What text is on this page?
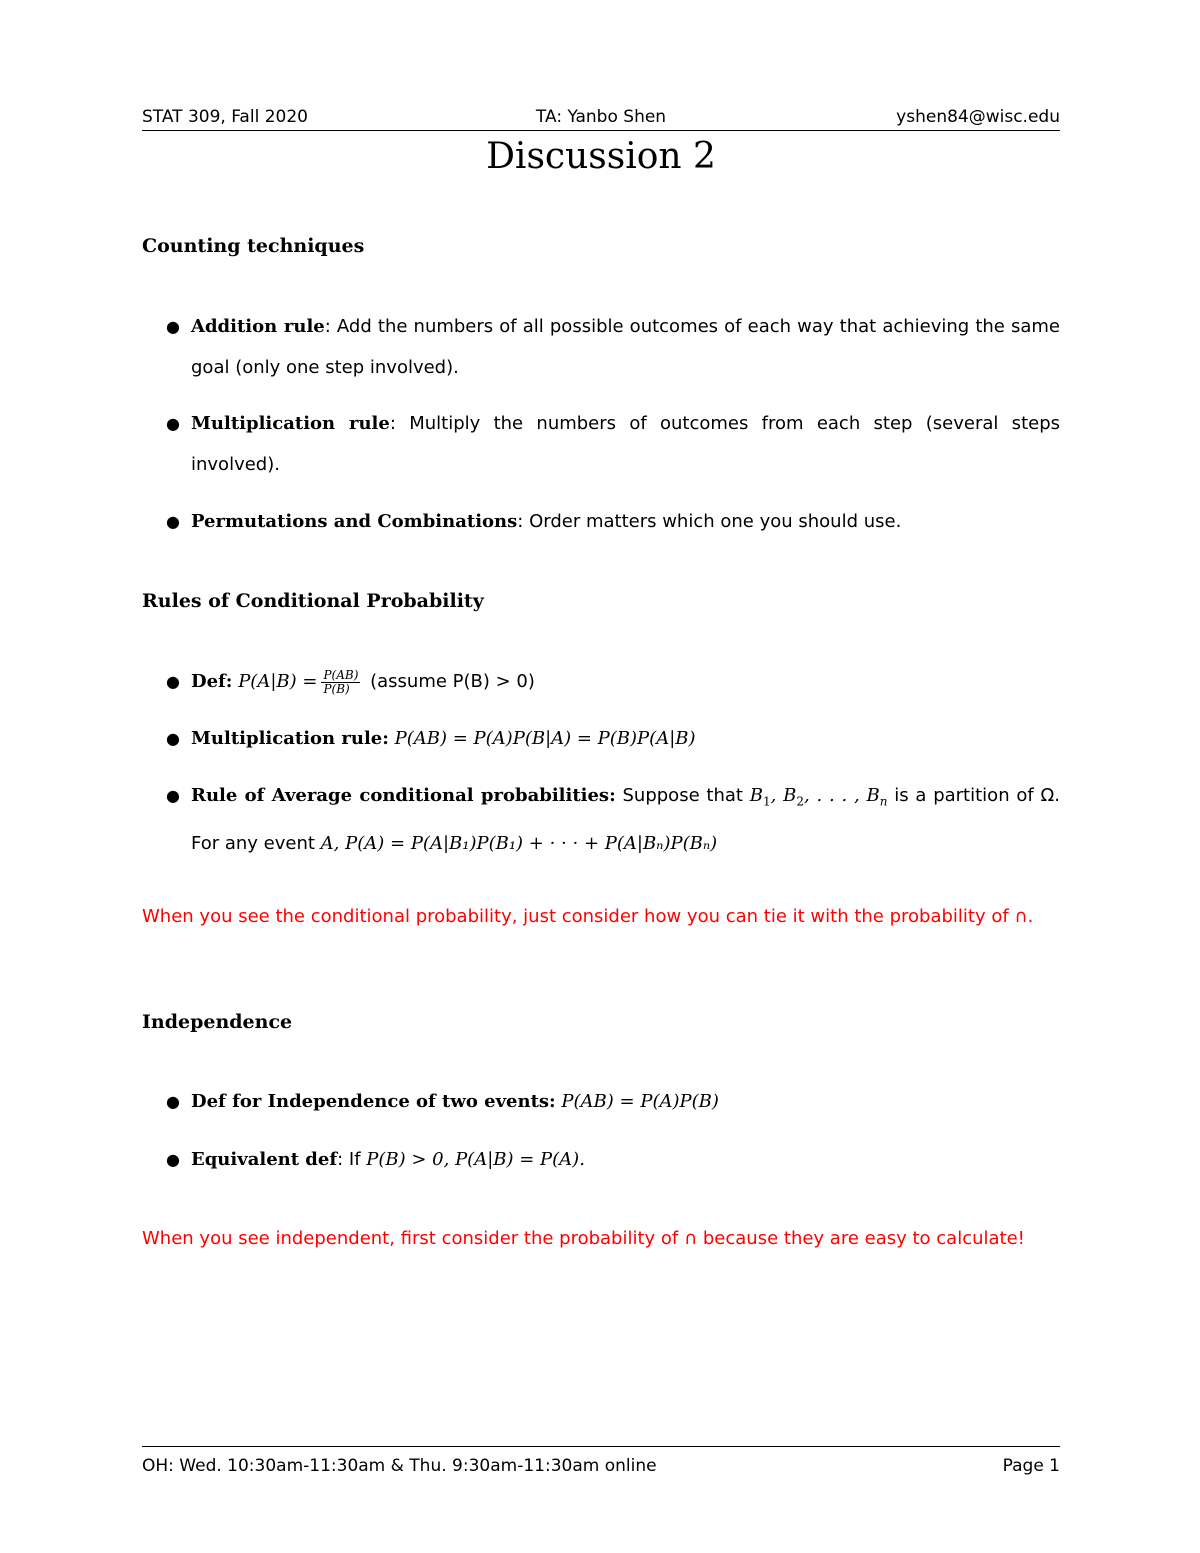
STAT 309, Fall 2020	TA: Yanbo Shen	yshen84@wisc.edu
Discussion 2
Counting techniques
● Addition rule: Add the numbers of all possible outcomes of each way that achieving the same goal (only one step involved).
● Multiplication rule: Multiply the numbers of outcomes from each step (several steps involved).
● Permutations and Combinations: Order matters which one you should use.
Rules of Conditional Probability
● Def: $P(A|B) = \frac{P(AB)}{P(B)}$ (assume P(B) > 0)
● Multiplication rule: P(AB) = P(A)P(B|A) = P(B)P(A|B)
● Rule of Average conditional probabilities: Suppose that $B_1$, $B_2$, . . . , $B_n$ is a partition of Ω. For any event A, P(A) = P(A|B₁)P(B₁) + · · · + P(A|Bₙ)P(Bₙ)
When you see the conditional probability, just consider how you can tie it with the probability of ∩.
Independence
● Def for Independence of two events: P(AB) = P(A)P(B)
● Equivalent def: If P(B) > 0, P(A|B) = P(A).
When you see independent, first consider the probability of ∩ because they are easy to calculate!
OH: Wed. 10:30am-11:30am & Thu. 9:30am-11:30am online	Page 1
